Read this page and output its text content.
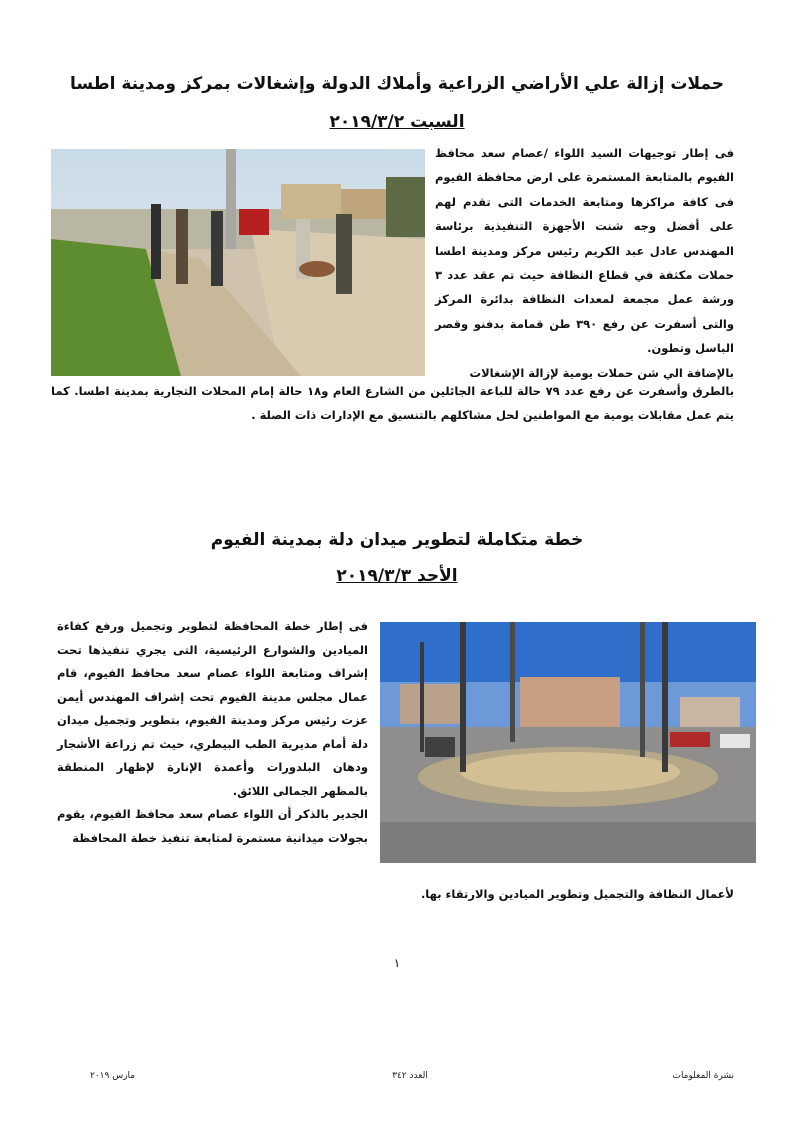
حملات إزالة علي الأراضي الزراعية وأملاك الدولة وإشغالات بمركز ومدينة اطسا
السبت ٢٠١٩/٣/٢

فى إطار توجيهات السيد اللواء /عصام سعد محافظ الفيوم بالمتابعة المستمرة على ارض محافظة الفيوم فى كافة مراكزها ومتابعة الخدمات التى تقدم لهم على أفضل وجه شنت الأجهزة التنفيذية برئاسة المهندس عادل عبد الكريم رئيس مركز ومدينة اطسا حملات مكثفة في قطاع النظافة حيث تم عقد عدد ٣ ورشة عمل مجمعة لمعدات النظافة بدائرة المركز والتى أسفرت عن رفع ٣٩٠ طن قمامة بدفنو وقصر الباسل وتطون.

بالإضافة الي شن حملات يومية لإزالة الإشغالات

بالطرق وأسفرت عن رفع عدد ٧٩ حالة للباعة الجائلين من الشارع العام و١٨ حالة إمام المحلات التجارية بمدينة اطسا. كما يتم عمل مقابلات يومية مع المواطنين لحل مشاكلهم بالتنسيق مع الإدارات ذات الصلة .

خطة متكاملة لتطوير ميدان دلة بمدينة الفيوم
الأحد ٢٠١٩/٣/٣

فى إطار خطة المحافظة لتطوير وتجميل ورفع كفاءة الميادين والشوارع الرئيسية، التى يجري تنفيذها تحت إشراف ومتابعة اللواء عصام سعد محافظ الفيوم، قام عمال مجلس مدينة الفيوم تحت إشراف المهندس أيمن عزت رئيس مركز ومدينة الفيوم، بتطوير وتجميل ميدان دلة أمام مديرية الطب البيطري، حيث تم زراعة الأشجار ودهان البلدورات وأعمدة الإنارة لإظهار المنطقة بالمظهر الجمالى اللائق.

الجدير بالذكر أن اللواء عصام سعد محافظ الفيوم، يقوم بجولات ميدانية مستمرة لمتابعة تنفيذ خطة المحافظة

لأعمال النظافة والتجميل وتطوير الميادين والارتقاء بها.

١
نشرة المعلومات
العدد ٣٤٢
مارس ٢٠١٩
